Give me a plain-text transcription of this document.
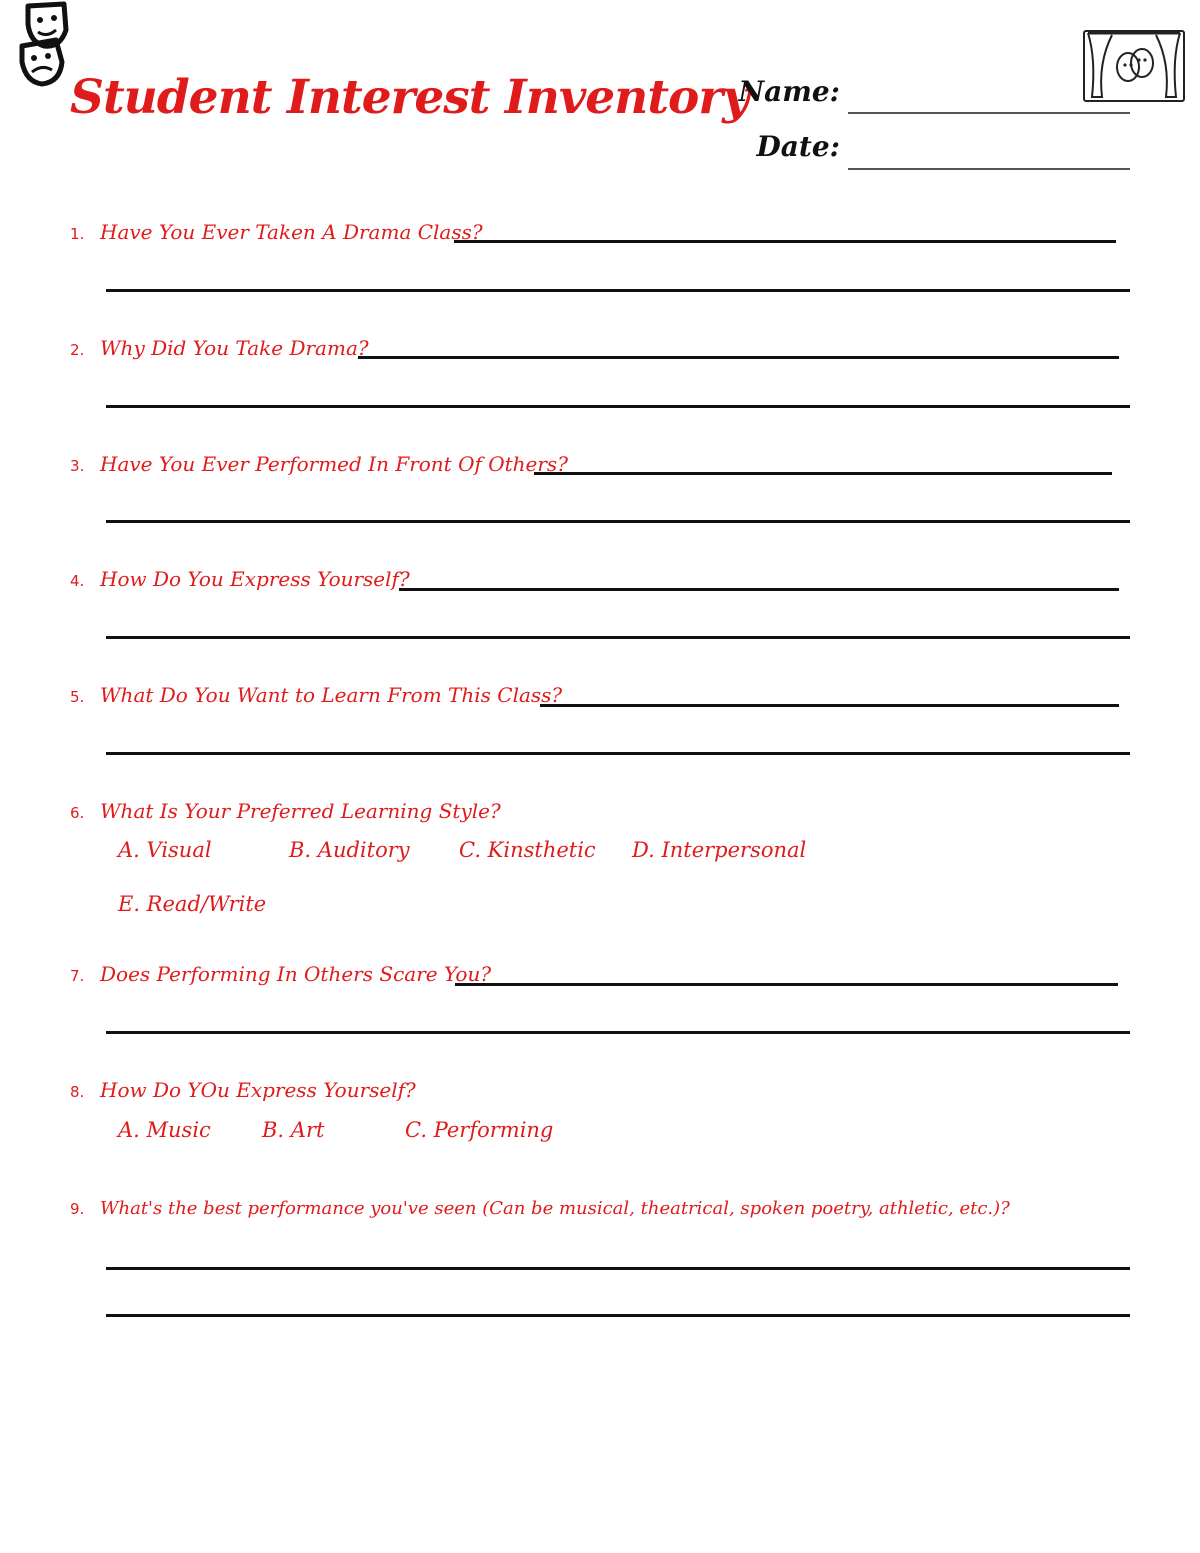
Student Interest Inventory
Name:
Date:
1. Have You Ever Taken A Drama Class?
2. Why Did You Take Drama?
3. Have You Ever Performed In Front Of Others?
4. How Do You Express Yourself?
5. What Do You Want to Learn From This Class?
6. What Is Your Preferred Learning Style?
A. Visual	B. Auditory C. Kinsthetic D. Interpersonal
E. Read/Write
7. Does Performing In Others Scare You?
8. How Do YOu Express Yourself?
A. Music B. Art	C. Performing
9. What's the best performance you've seen (Can be musical, theatrical, spoken poetry, athletic, etc.)?
